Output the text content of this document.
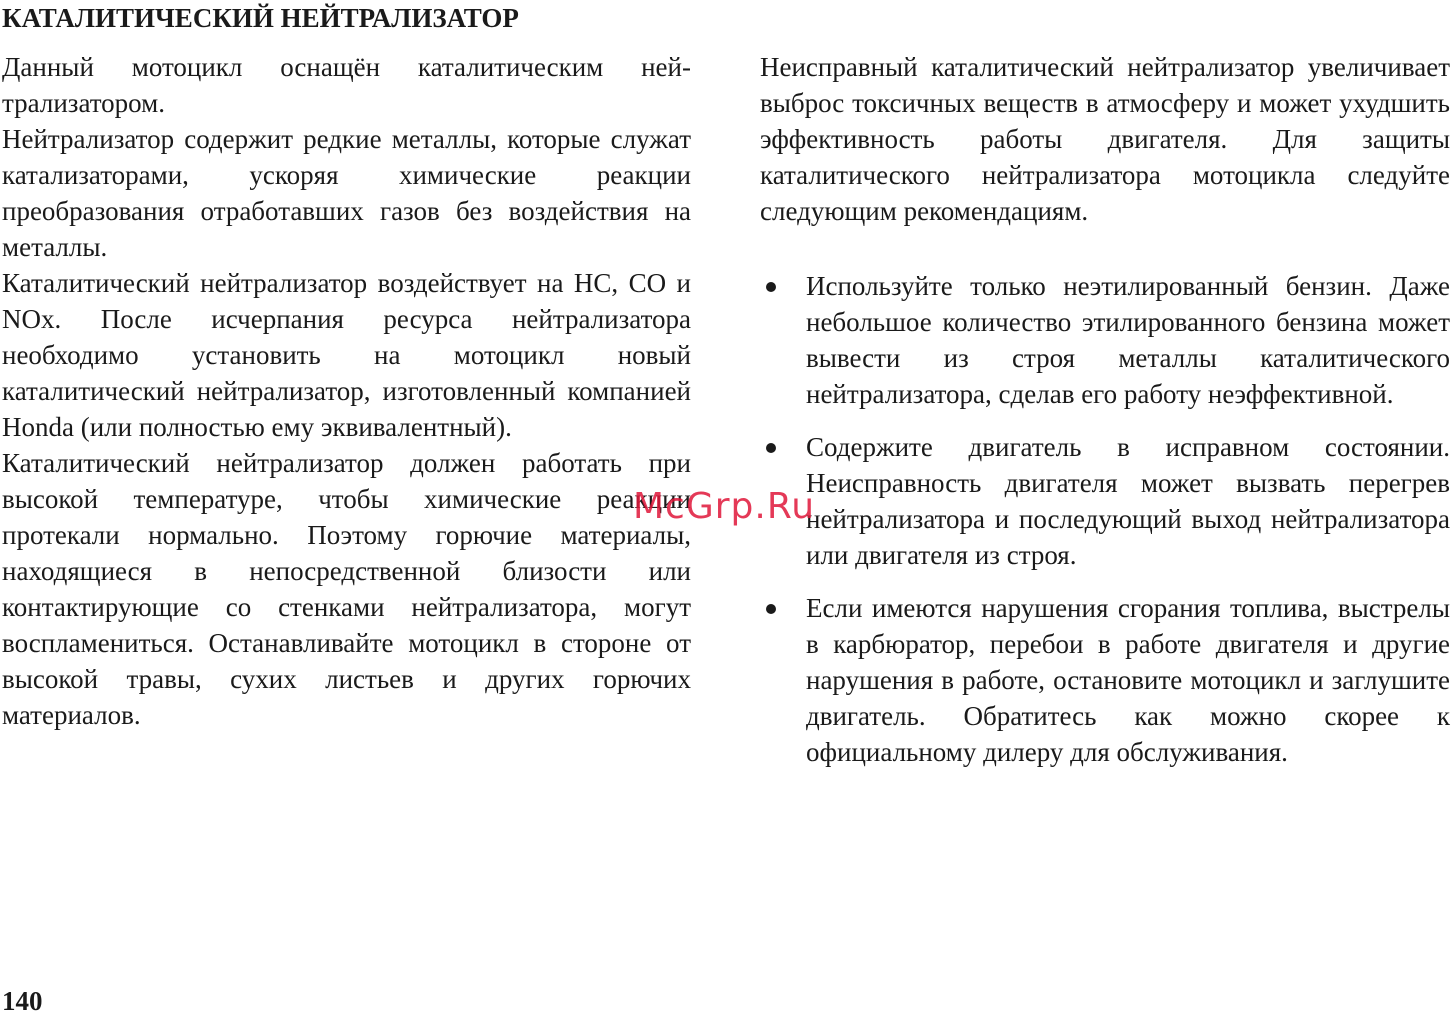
КАТАЛИТИЧЕСКИЙ НЕЙТРАЛИЗАТОР

Данный мотоцикл оснащён каталитическим нейтрализатором.

Нейтрализатор содержит редкие металлы, которые служат катализаторами, ускоряя химические реакции преобразования отработавших газов без воздействия на металлы.

Каталитический нейтрализатор воздействует на HC, CO и NOx. После исчерпания ресурса нейтрализатора необходимо установить на мотоцикл новый каталитический нейтрализатор, изготовленный компанией Honda (или полностью ему эквивалентный).

Каталитический нейтрализатор должен работать при высокой температуре, чтобы химические реакции протекали нормально. Поэтому горючие материалы, находящиеся в непосредственной близости или контактирующие со стенками нейтрализатора, могут воспламениться. Останавливайте мотоцикл в стороне от высокой травы, сухих листьев и других горючих материалов.

Неисправный каталитический нейтрализатор увеличивает выброс токсичных веществ в атмосферу и может ухудшить эффективность работы двигателя. Для защиты каталитического нейтрализатора мотоцикла следуйте следующим рекомендациям.

Используйте только неэтилированный бензин. Даже небольшое количество этилированного бензина может вывести из строя металлы каталитического нейтрализатора, сделав его работу неэффективной.
Содержите двигатель в исправном состоянии. Неисправность двигателя может вызвать перегрев нейтрализатора и последующий выход нейтрализатора или двигателя из строя.
Если имеются нарушения сгорания топлива, выстрелы в карбюратор, перебои в работе двигателя и другие нарушения в работе, остановите мотоцикл и заглушите двигатель. Обратитесь как можно скорее к официальному дилеру для обслуживания.
McGrp.Ru
140
